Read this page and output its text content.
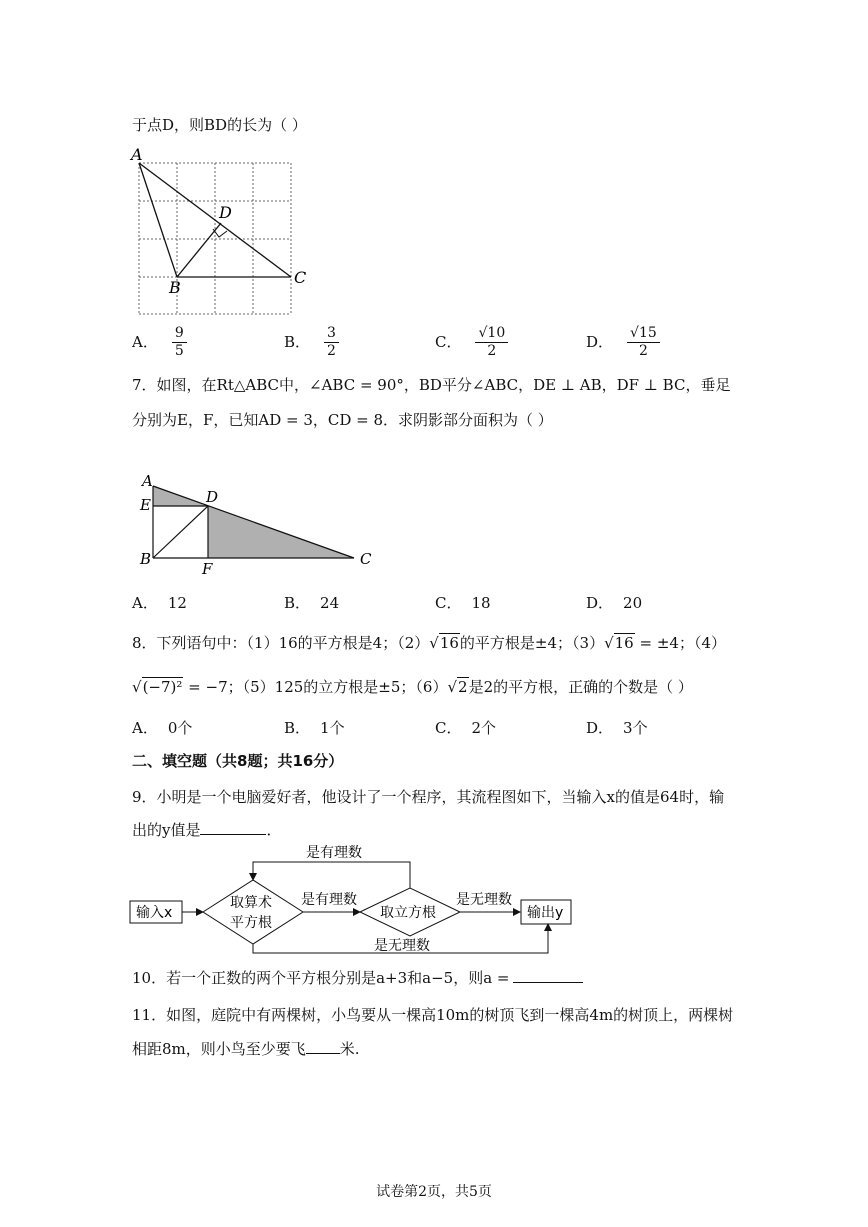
于点D，则BD的长为（ ）
A
B
C
D
A． $\frac{9}{5}$	B． $\frac{3}{2}$	C． $\frac{√10}{2}$	D． $\frac{√15}{2}$
7．如图，在Rt△ABC中，∠ABC = 90°，BD平分∠ABC，DE ⊥ AB，DF ⊥ BC，垂足
分别为E，F，已知AD = 3，CD = 8．求阴影部分面积为（ ）
A
E	D
B
F
C
A． 12	B． 24	C． 18	D． 20
8．下列语句中：（1）16的平方根是4；（2）√16的平方根是±4；（3）√16 = ±4；（4）
√(−7)² = −7；（5）125的立方根是±5；（6）√2是2的平方根，正确的个数是（ ）
A． 0个	B． 1个	C． 2个	D． 3个
二、填空题（共8题；共16分）
9．小明是一个电脑爱好者，他设计了一个程序，其流程图如下，当输入x的值是64时，输
出的y值是	．
输入x
取算术
平方根
是有理数
取立方根
是无理数
输出y
是有理数
是无理数
10．若一个正数的两个平方根分别是a+3和a−5，则a =
11．如图，庭院中有两棵树，小鸟要从一棵高10m的树顶飞到一棵高4m的树顶上，两棵树
相距8m，则小鸟至少要飞 米.
试卷第2页，共5页
